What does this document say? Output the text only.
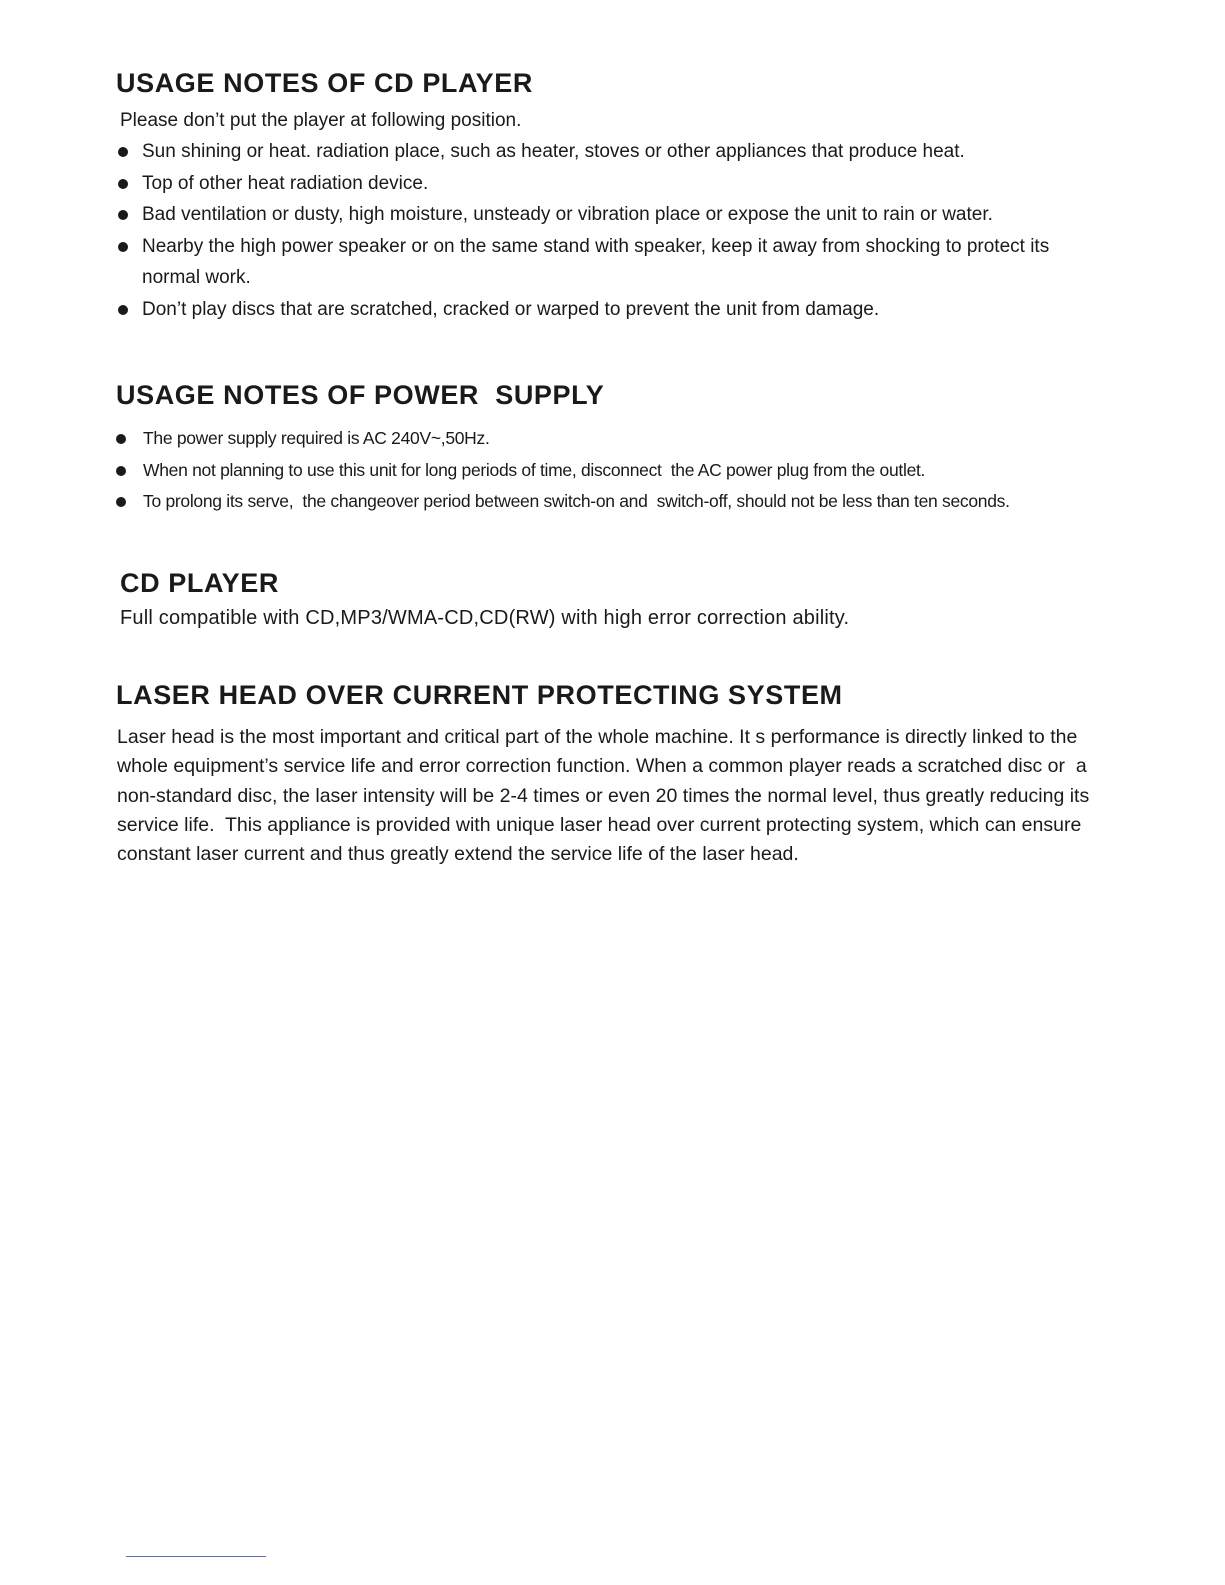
USAGE NOTES OF CD PLAYER

Please don’t put the player at following position.

Sun shining or heat. radiation place, such as heater, stoves or other appliances that produce heat.
Top of other heat radiation device.
Bad ventilation or dusty, high moisture, unsteady or vibration place or expose the unit to rain or water.
Nearby the high power speaker or on the same stand with speaker, keep it away from shocking to protect its normal work.
Don’t play discs that are scratched, cracked or warped to prevent the unit from damage.
USAGE NOTES OF POWER  SUPPLY
The power supply required is AC 240V~,50Hz.
When not planning to use this unit for long periods of time, disconnect  the AC power plug from the outlet.
To prolong its serve,  the changeover period between switch-on and  switch-off, should not be less than ten seconds.
CD PLAYER

Full compatible with CD,MP3/WMA-CD,CD(RW) with high error correction ability.

LASER HEAD OVER CURRENT PROTECTING SYSTEM

Laser head is the most important and critical part of the whole machine. It s performance is directly linked to the whole equipment’s service life and error correction function. When a common player reads a scratched disc or  a non-standard disc, the laser intensity will be 2-4 times or even 20 times the normal level, thus greatly reducing its service life.  This appliance is provided with unique laser head over current protecting system, which can ensure constant laser current and thus greatly extend the service life of the laser head.
